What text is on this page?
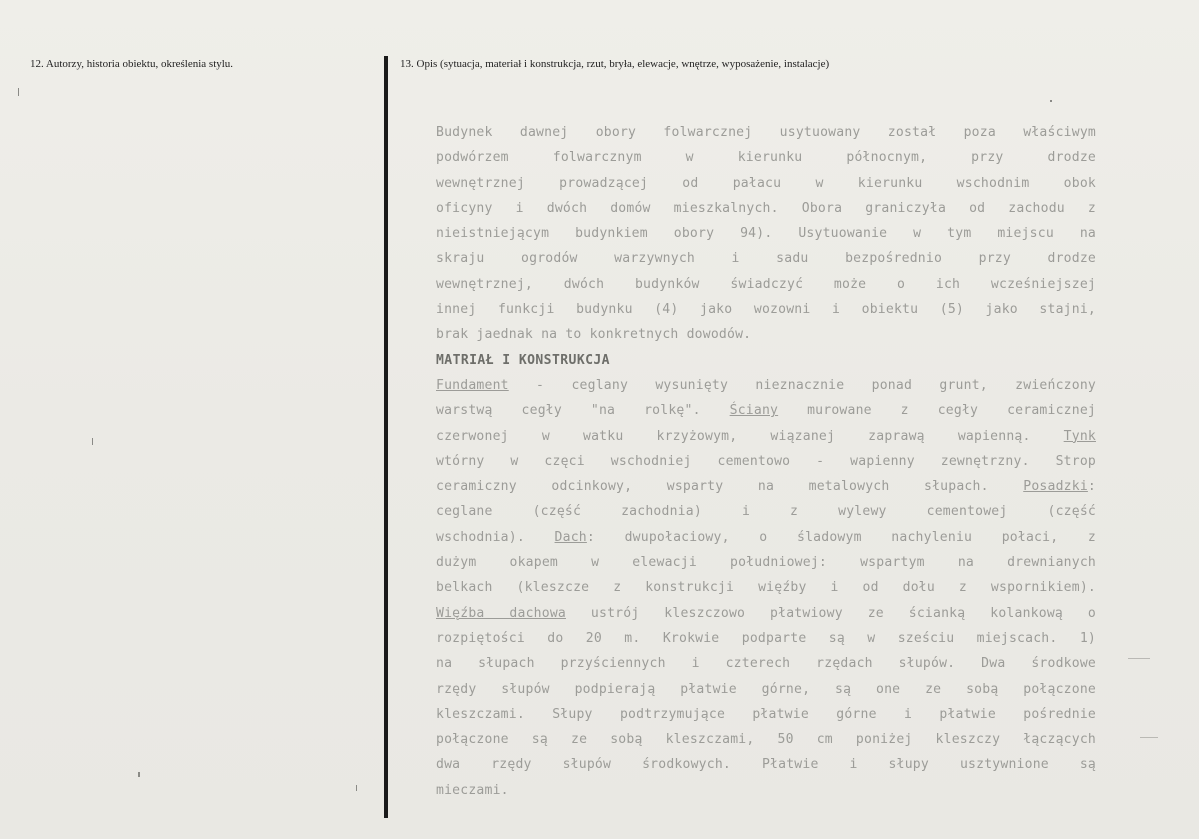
12. Autorzy, historia obiektu, określenia stylu.	13. Opis (sytuacja, materiał i konstrukcja, rzut, bryła, elewacje, wnętrze, wyposażenie, instalacje)
Budynek dawnej obory folwarcznej usytuowany został poza właściwym
podwórzem folwarcznym w kierunku północnym, przy drodze
wewnętrznej prowadzącej od pałacu w kierunku wschodnim obok
oficyny i dwóch domów mieszkalnych. Obora graniczyła od zachodu z
nieistniejącym budynkiem obory 94). Usytuowanie w tym miejscu na
skraju ogrodów warzywnych i sadu bezpośrednio przy drodze
wewnętrznej, dwóch budynków świadczyć może o ich wcześniejszej
innej funkcji budynku (4) jako wozowni i obiektu (5) jako stajni,
brak jaednak na to konkretnych dowodów.
MATRIAŁ I KONSTRUKCJA
Fundament - ceglany wysunięty nieznacznie ponad grunt, zwieńczony
warstwą cegły "na rolkę". Ściany murowane z cegły ceramicznej
czerwonej w watku krzyżowym, wiązanej zaprawą wapienną. Tynk
wtórny w częci wschodniej cementowo - wapienny zewnętrzny. Strop
ceramiczny odcinkowy, wsparty na metalowych słupach. Posadzki:
ceglane (część zachodnia) i z wylewy cementowej (część
wschodnia). Dach: dwupołaciowy, o śladowym nachyleniu połaci, z
dużym okapem w elewacji południowej: wspartym na drewnianych
belkach (kleszcze z konstrukcji więźby i od dołu z wspornikiem).
Więźba dachowa ustrój kleszczowo płatwiowy ze ścianką kolankową o
rozpiętości do 20 m. Krokwie podparte są w sześciu miejscach. 1)
na słupach przyściennych i czterech rzędach słupów. Dwa środkowe
rzędy słupów podpierają płatwie górne, są one ze sobą połączone
kleszczami. Słupy podtrzymujące płatwie górne i płatwie pośrednie
połączone są ze sobą kleszczami, 50 cm poniżej kleszczy łączących
dwa rzędy słupów środkowych. Płatwie i słupy usztywnione są
mieczami.
